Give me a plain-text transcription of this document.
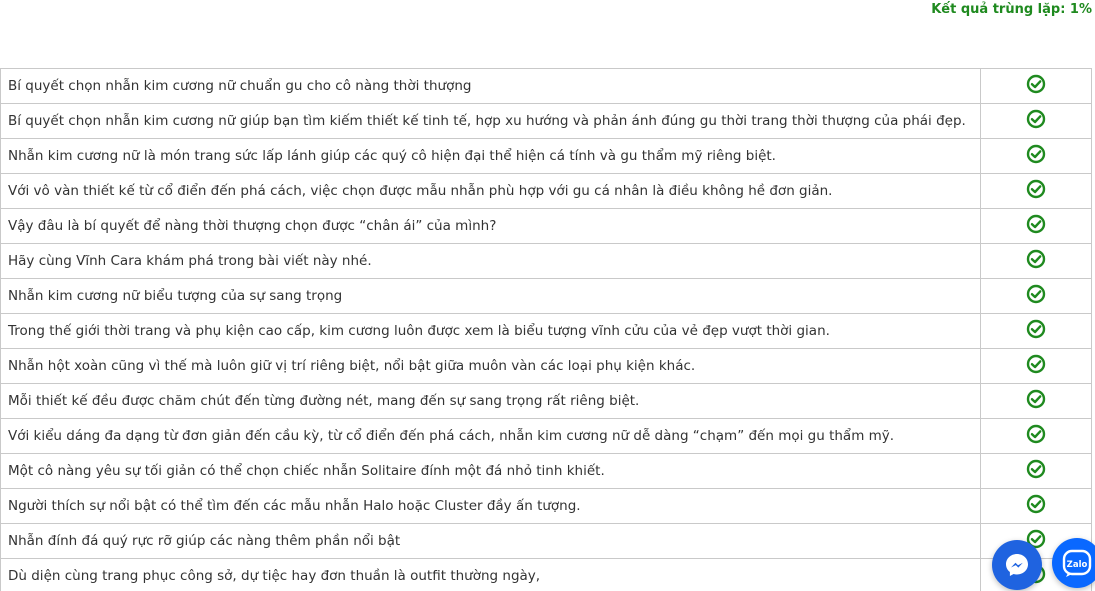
Kết quả trùng lặp: 1%
Bí quyết chọn nhẫn kim cương nữ chuẩn gu cho cô nàng thời thượng	
Bí quyết chọn nhẫn kim cương nữ giúp bạn tìm kiếm thiết kế tinh tế, hợp xu hướng và phản ánh đúng gu thời trang thời thượng của phái đẹp.	
Nhẫn kim cương nữ là món trang sức lấp lánh giúp các quý cô hiện đại thể hiện cá tính và gu thẩm mỹ riêng biệt.	
Với vô vàn thiết kế từ cổ điển đến phá cách, việc chọn được mẫu nhẫn phù hợp với gu cá nhân là điều không hề đơn giản.	
Vậy đâu là bí quyết để nàng thời thượng chọn được “chân ái” của mình?	
Hãy cùng Vĩnh Cara khám phá trong bài viết này nhé.	
Nhẫn kim cương nữ biểu tượng của sự sang trọng	
Trong thế giới thời trang và phụ kiện cao cấp, kim cương luôn được xem là biểu tượng vĩnh cửu của vẻ đẹp vượt thời gian.	
Nhẫn hột xoàn cũng vì thế mà luôn giữ vị trí riêng biệt, nổi bật giữa muôn vàn các loại phụ kiện khác.	
Mỗi thiết kế đều được chăm chút đến từng đường nét, mang đến sự sang trọng rất riêng biệt.	
Với kiểu dáng đa dạng từ đơn giản đến cầu kỳ, từ cổ điển đến phá cách, nhẫn kim cương nữ dễ dàng “chạm” đến mọi gu thẩm mỹ.	
Một cô nàng yêu sự tối giản có thể chọn chiếc nhẫn Solitaire đính một đá nhỏ tinh khiết.	
Người thích sự nổi bật có thể tìm đến các mẫu nhẫn Halo hoặc Cluster đầy ấn tượng.	
Nhẫn đính đá quý rực rỡ giúp các nàng thêm phần nổi bật	
Dù diện cùng trang phục công sở, dự tiệc hay đơn thuần là outfit thường ngày,	
Zalo
